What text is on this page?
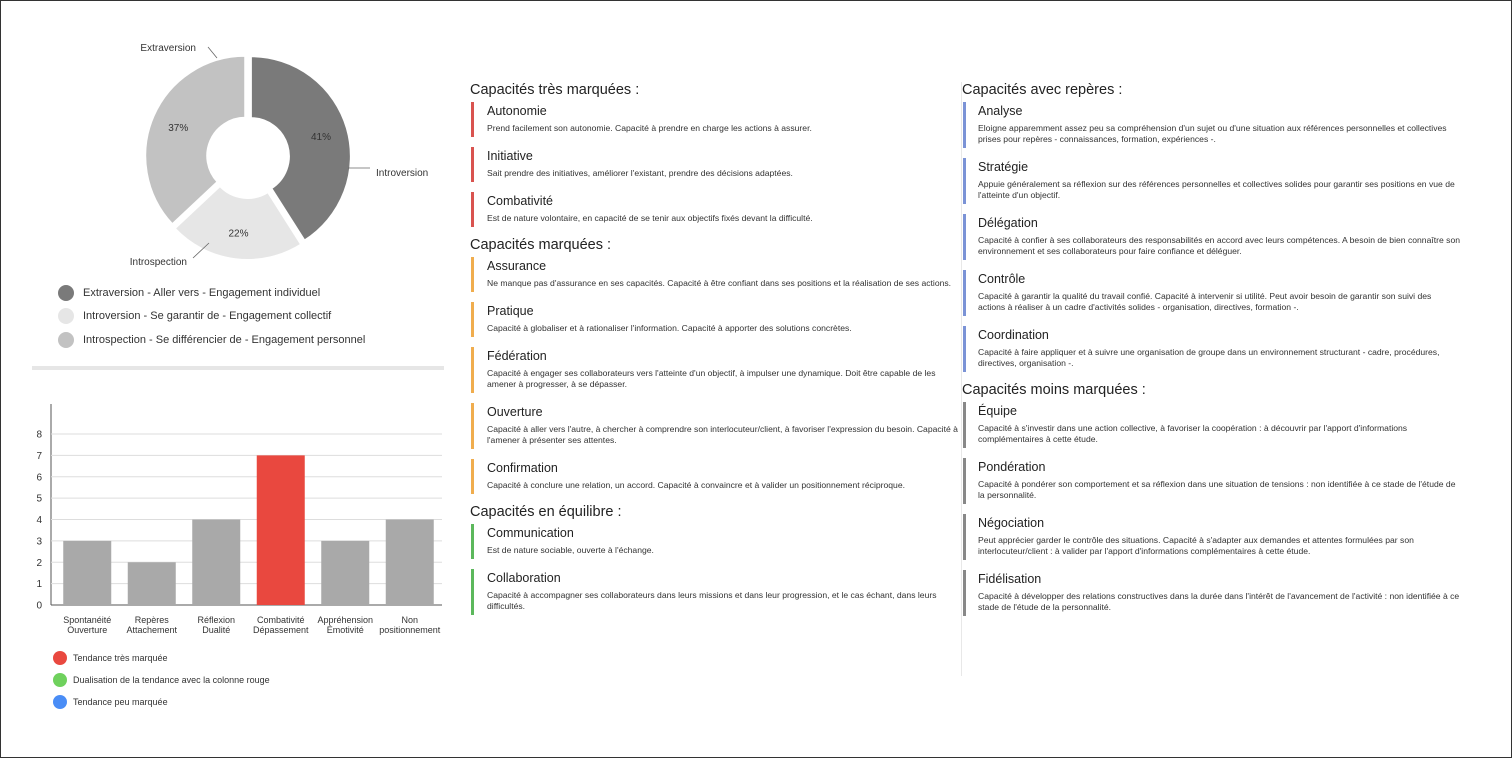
41%
Extraversion
22%
Introversion
37%
Introspection
Extraversion - Aller vers - Engagement individuel
Introversion - Se garantir de - Engagement collectif
Introspection - Se différencier de - Engagement personnel
0
1
2
3
4
5
6
7
8
Spontanéité
Ouverture
Repères
Attachement
Réflexion
Dualité
Combativité
Dépassement
Appréhension
Émotivité
Non
positionnement
Tendance très marquée
Dualisation de la tendance avec la colonne rouge
Tendance peu marquée
Capacités très marquées :
Autonomie
Prend facilement son autonomie. Capacité à prendre en charge les actions à assurer.
Initiative
Sait prendre des initiatives, améliorer l'existant, prendre des décisions adaptées.
Combativité
Est de nature volontaire, en capacité de se tenir aux objectifs fixés devant la difficulté.
Capacités marquées :
Assurance
Ne manque pas d'assurance en ses capacités. Capacité à être confiant dans ses positions et la réalisation de ses actions.
Pratique
Capacité à globaliser et à rationaliser l'information. Capacité à apporter des solutions concrètes.
Fédération
Capacité à engager ses collaborateurs vers l'atteinte d'un objectif, à impulser une dynamique. Doit être capable de les amener à progresser, à se dépasser.
Ouverture
Capacité à aller vers l'autre, à chercher à comprendre son interlocuteur/client, à favoriser l'expression du besoin. Capacité à l'amener à présenter ses attentes.
Confirmation
Capacité à conclure une relation, un accord. Capacité à convaincre et à valider un positionnement réciproque.
Capacités en équilibre :
Communication
Est de nature sociable, ouverte à l'échange.
Collaboration
Capacité à accompagner ses collaborateurs dans leurs missions et dans leur progression, et le cas échant, dans leurs difficultés.
Capacités avec repères :
Analyse
Eloigne apparemment assez peu sa compréhension d'un sujet ou d'une situation aux références personnelles et collectives prises pour repères - connaissances, formation, expériences -.
Stratégie
Appuie généralement sa réflexion sur des références personnelles et collectives solides pour garantir ses positions en vue de l'atteinte d'un objectif.
Délégation
Capacité à confier à ses collaborateurs des responsabilités en accord avec leurs compétences. A besoin de bien connaître son environnement et ses collaborateurs pour faire confiance et déléguer.
Contrôle
Capacité à garantir la qualité du travail confié. Capacité à intervenir si utilité. Peut avoir besoin de garantir son suivi des actions à réaliser à un cadre d'activités solides - organisation, directives, formation -.
Coordination
Capacité à faire appliquer et à suivre une organisation de groupe dans un environnement structurant - cadre, procédures, directives, organisation -.
Capacités moins marquées :
Équipe
Capacité à s'investir dans une action collective, à favoriser la coopération : à découvrir par l'apport d'informations complémentaires à cette étude.
Pondération
Capacité à pondérer son comportement et sa réflexion dans une situation de tensions : non identifiée à ce stade de l'étude de la personnalité.
Négociation
Peut apprécier garder le contrôle des situations. Capacité à s'adapter aux demandes et attentes formulées par son interlocuteur/client : à valider par l'apport d'informations complémentaires à cette étude.
Fidélisation
Capacité à développer des relations constructives dans la durée dans l'intérêt de l'avancement de l'activité : non identifiée à ce stade de l'étude de la personnalité.
